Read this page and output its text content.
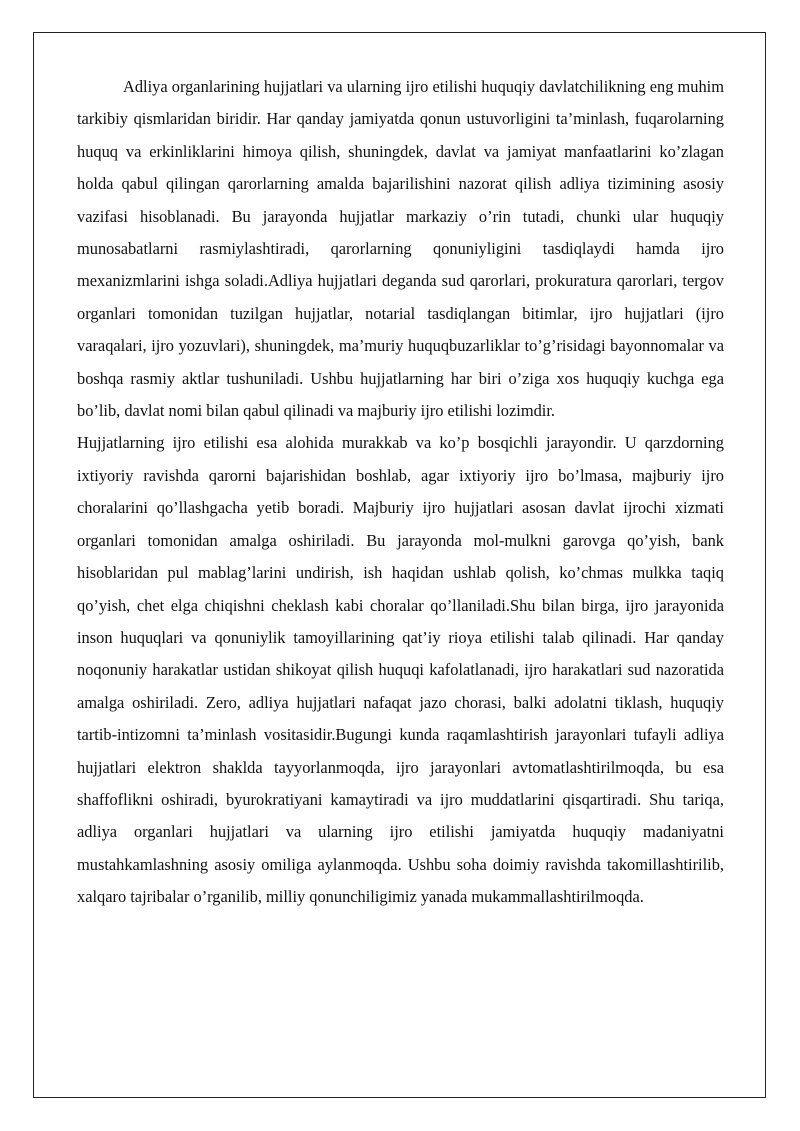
Adliya organlarining hujjatlari va ularning ijro etilishi huquqiy davlatchilikning eng muhim tarkibiy qismlaridan biridir. Har qanday jamiyatda qonun ustuvorligini ta’minlash, fuqarolarning huquq va erkinliklarini himoya qilish, shuningdek, davlat va jamiyat manfaatlarini ko’zlagan holda qabul qilingan qarorlarning amalda bajarilishini nazorat qilish adliya tizimining asosiy vazifasi hisoblanadi. Bu jarayonda hujjatlar markaziy o’rin tutadi, chunki ular huquqiy munosabatlarni rasmiylashtiradi, qarorlarning qonuniyligini tasdiqlaydi hamda ijro mexanizmlarini ishga soladi.Adliya hujjatlari deganda sud qarorlari, prokuratura qarorlari, tergov organlari tomonidan tuzilgan hujjatlar, notarial tasdiqlangan bitimlar, ijro hujjatlari (ijro varaqalari, ijro yozuvlari), shuningdek, ma’muriy huquqbuzarliklar to’g’risidagi bayonnomalar va boshqa rasmiy aktlar tushuniladi. Ushbu hujjatlarning har biri o’ziga xos huquqiy kuchga ega bo’lib, davlat nomi bilan qabul qilinadi va majburiy ijro etilishi lozimdir.

Hujjatlarning ijro etilishi esa alohida murakkab va ko’p bosqichli jarayondir. U qarzdorning ixtiyoriy ravishda qarorni bajarishidan boshlab, agar ixtiyoriy ijro bo’lmasa, majburiy ijro choralarini qo’llashgacha yetib boradi. Majburiy ijro hujjatlari asosan davlat ijrochi xizmati organlari tomonidan amalga oshiriladi. Bu jarayonda mol-mulkni garovga qo’yish, bank hisoblaridan pul mablag’larini undirish, ish haqidan ushlab qolish, ko’chmas mulkka taqiq qo’yish, chet elga chiqishni cheklash kabi choralar qo’llaniladi.Shu bilan birga, ijro jarayonida inson huquqlari va qonuniylik tamoyillarining qat’iy rioya etilishi talab qilinadi. Har qanday noqonuniy harakatlar ustidan shikoyat qilish huquqi kafolatlanadi, ijro harakatlari sud nazoratida amalga oshiriladi. Zero, adliya hujjatlari nafaqat jazo chorasi, balki adolatni tiklash, huquqiy tartib-intizomni ta’minlash vositasidir.Bugungi kunda raqamlashtirish jarayonlari tufayli adliya hujjatlari elektron shaklda tayyorlanmoqda, ijro jarayonlari avtomatlashtirilmoqda, bu esa shaffoflikni oshiradi, byurokratiyani kamaytiradi va ijro muddatlarini qisqartiradi. Shu tariqa, adliya organlari hujjatlari va ularning ijro etilishi jamiyatda huquqiy madaniyatni mustahkamlashning asosiy omiliga aylanmoqda. Ushbu soha doimiy ravishda takomillashtirilib, xalqaro tajribalar o’rganilib, milliy qonunchiligimiz yanada mukammallashtirilmoqda.
